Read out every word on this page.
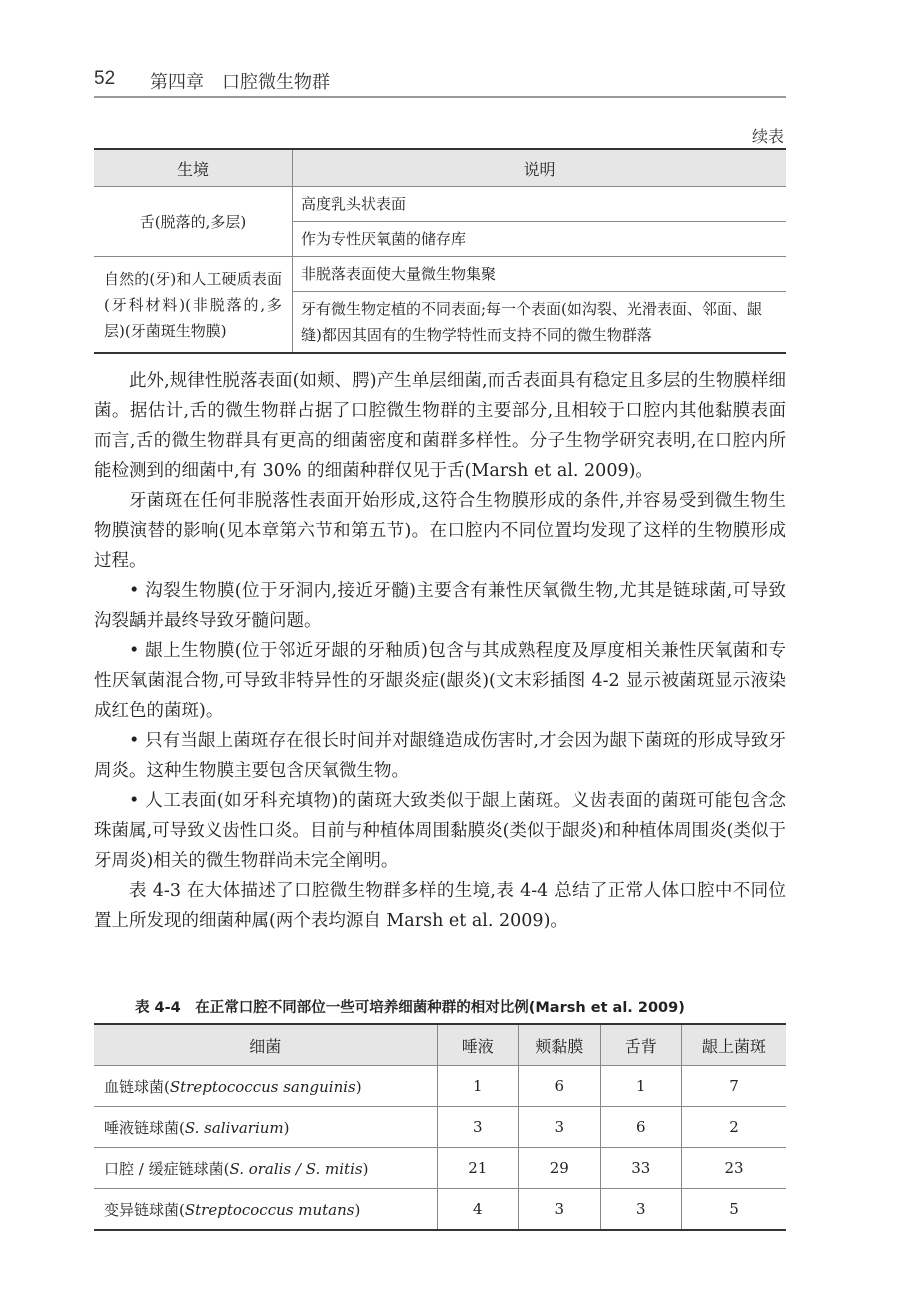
52 第四章　口腔微生物群
续表
生境	说明
舌(脱落的,多层)	高度乳头状表面
	作为专性厌氧菌的储存库
自然的(牙)和人工硬质表面(牙科材料)(非脱落的,多层)(牙菌斑生物膜)	非脱落表面使大量微生物集聚
	牙有微生物定植的不同表面;每一个表面(如沟裂、光滑表面、邻面、龈缝)都因其固有的生物学特性而支持不同的微生物群落

此外,规律性脱落表面(如颊、腭)产生单层细菌,而舌表面具有稳定且多层的生物膜样细菌。据估计,舌的微生物群占据了口腔微生物群的主要部分,且相较于口腔内其他黏膜表面而言,舌的微生物群具有更高的细菌密度和菌群多样性。分子生物学研究表明,在口腔内所能检测到的细菌中,有 30% 的细菌种群仅见于舌(Marsh et al. 2009)。

牙菌斑在任何非脱落性表面开始形成,这符合生物膜形成的条件,并容易受到微生物生物膜演替的影响(见本章第六节和第五节)。在口腔内不同位置均发现了这样的生物膜形成过程。

• 沟裂生物膜(位于牙洞内,接近牙髓)主要含有兼性厌氧微生物,尤其是链球菌,可导致沟裂龋并最终导致牙髓问题。

• 龈上生物膜(位于邻近牙龈的牙釉质)包含与其成熟程度及厚度相关兼性厌氧菌和专性厌氧菌混合物,可导致非特异性的牙龈炎症(龈炎)(文末彩插图 4-2 显示被菌斑显示液染成红色的菌斑)。

• 只有当龈上菌斑存在很长时间并对龈缝造成伤害时,才会因为龈下菌斑的形成导致牙周炎。这种生物膜主要包含厌氧微生物。

• 人工表面(如牙科充填物)的菌斑大致类似于龈上菌斑。义齿表面的菌斑可能包含念珠菌属,可导致义齿性口炎。目前与种植体周围黏膜炎(类似于龈炎)和种植体周围炎(类似于牙周炎)相关的微生物群尚未完全阐明。

表 4-3 在大体描述了口腔微生物群多样的生境,表 4-4 总结了正常人体口腔中不同位置上所发现的细菌种属(两个表均源自 Marsh et al. 2009)。

表 4-4　在正常口腔不同部位一些可培养细菌种群的相对比例(Marsh et al. 2009)
细菌	唾液	颊黏膜	舌背	龈上菌斑
血链球菌(Streptococcus sanguinis)	1	6	1	7
唾液链球菌(S. salivarium)	3	3	6	2
口腔 / 缓症链球菌(S. oralis / S. mitis)	21	29	33	23
变异链球菌(Streptococcus mutans)	4	3	3	5
